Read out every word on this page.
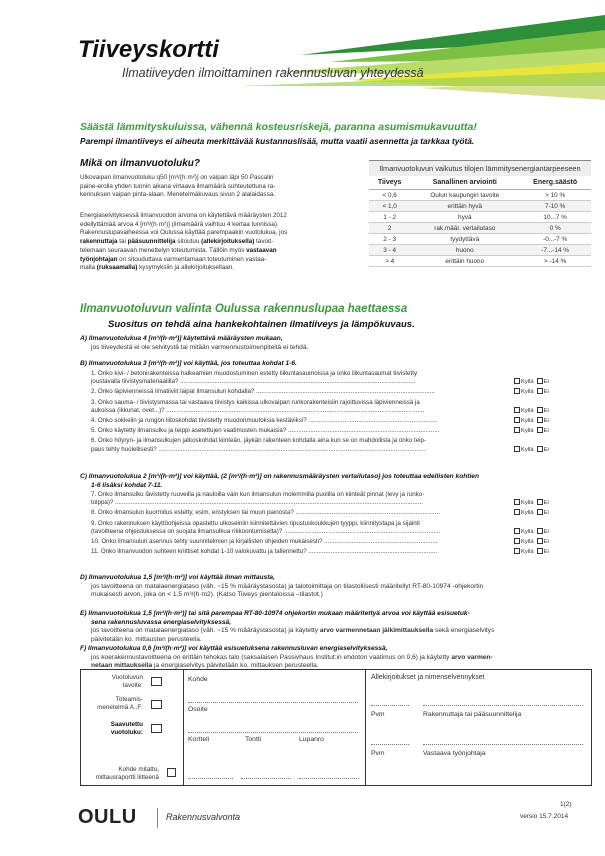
Tiiveyskortti
Ilmatiiveyden ilmoittaminen rakennusluvan yhteydessä
Säästä lämmityskuluissa, vähennä kosteusriskejä, paranna asumismukavuutta!
Parempi ilmantiiveys ei aiheuta merkittävää kustannuslisää, mutta vaatii asennetta ja tarkkaa työtä.
Mikä on ilmanvuotoluku?
Ulkovaipan ilmanvuotoluku q50 [m³/(h·m²)] on vaipan läpi 50 Pascalin
paine-erolla yhden tunnin aikana virtaava ilmamäärä suhteutettuna ra-
kennuksen vaipan pinta-alaan. Menetelmäkuvaus sivun 2 alalaidassa.
Energiaselvityksessä ilmanvuodon arvona on käytettävä määräysten 2012
edellyttämää arvoa 4 [m³/(h·m²)] (ilmamäärä vaihtuu 4 kertaa tunnissa).
Rakennuslupavaiheessa voi Oulussa käyttää parempaakin vuotolukua, jos
rakennuttaja tai pääsuunnittelija sitoutuu (allekirjoituksella) tavoit-
telemaan seuraavan menettelyn toteutumista. Tällöin myös vastaavan
työnjohtajan on sitouduttava varmentamaan toteutuminen vastaa-
malla (ruksaamalla) kysymyksiin ja allekirjoituksellaan.
Ilmanvuotoluvun vaikutus tilojen lämmitysenergiantarpeeseen
Tiiveys	Sanallinen arviointi	Energ.säästö
< 0,6	Oulun kaupungin tavoite	> 10 %
< 1,0	erittäin hyvä	7-10 %
1 - 2	hyvä	10...7 %
2	rak.määr. vertailutaso	0 %
2 - 3	tyydyttävä	-0...-7 %
3 - 4	huono	-7...-14 %
> 4	erittäin huono	> -14 %
Ilmanvuotoluvun valinta Oulussa rakennuslupaa haettaessa
Suositus on tehdä aina hankekohtainen ilmatiiveys ja lämpökuvaus.
A) Ilmanvuotolukua 4 [m³/(h·m²)] käytettävä määräysten mukaan,
jos tiiveydestä ei ole selvitystä tai mitään varmennustoimenpiteitä ei tehdä.
B) Ilmanvuotolukua 3 [m³/(h·m²)] voi käyttää, jos toteuttaa kohdat 1-6.
1. Onko kivi- / betonirakenteissa halkeamien muodostuminen estetty liikuntasaumoissa ja onko liikuntasaumat tiivistetty
joustavalla tiivistysmateriaalilla? .........................................................................................................................................	Kyllä Ei
2. Onko läpivienneissä ilmatiiviit laipat ilmansulun kohdalla? ........................................................................................................	Kyllä Ei
3. Onko sauma- / tiivistysmassa tai vastaava tiivistys kaikissa ulkovaipan runkorakenteisiin rajoittuvissa läpivienneissä ja
aukoissa (ikkunat, ovet...)? ......................................................................................................................................................	Kyllä Ei
4. Onko sokkelin ja rungon liitoskohdat tiivistetty muodonmuutoksia kestäviksi? ...........................................................................	Kyllä Ei
5. Onko käytetty ilmansulku ja teippi asetettujen vaatimusten mukaisia? ........................................................................................	Kyllä Ei
6. Onko höyryn- ja ilmansulkujen jatkoskohdat kiinteän, jäykän rakenteen kohdalla aina kun se on mahdollista ja onko teip-
paus tehty huolellisesti? ............................................................................................................................................................	Kyllä Ei
C) Ilmanvuotolukua 2 [m³/(h·m²)] voi käyttää, (2 [m³/(h·m²)] on rakennusmääräysten vertailutaso) jos toteuttaa edellisten kohtien
1-6 lisäksi kohdat 7-11.
7. Onko ilmansulku lävistetty ruuveilla ja nauloilla vain kun ilmansulun molemmilla puolilla on kiinteät pinnat (levy ja runko-
tolppa)? ...................................................................................................................................................................................	Kyllä Ei
8. Onko ilmansulun kuormitus estetty, esim. eristyksen tai muun painosta? ....................................................................................	Kyllä Ei
9. Onko rakennuksen käyttöohjeissa opastettu ulkoseiniin kiinnitettävien ripustuskoukkujen tyyppi, kiinnitystapa ja sijainti
(tavoitteena ohjeistuksessa on suojata ilmansulkua rikkoontumiselta)? ...........................................................................................	Kyllä Ei
10. Onko ilmansulun asennus tehty suunnitelmien ja kirjallisten ohjeiden mukaisesti? ..................................................................	Kyllä Ei
11. Onko ilmanvuodon suhteen kriittiset kohdat 1-10 valokuvattu ja tallennettu? ...........................................................................	Kyllä Ei
D) Ilmanvuotolukua 1,5 [m³/(h·m²)] voi käyttää ilman mittausta,
jos tavoitteena on matalaenergiataso (väh. ~15 % määräystasosta) ja talotoimittaja on tilastollisesti määritellyt RT-80-10974 -ohjekortin
mukaisesti arvon, joka on < 1,5 m³/(h·m2). (Katso Tiiveys pientaloissa –tilastot.)
E) Ilmanvuotolukua 1,5 [m³/(h·m²)] tai sitä parempaa RT-80-10974 ohjekortin mukaan määritettyä arvoa voi käyttää esisuetuk-
sena rakennusluvassa energiaselvityksessä,
jos tavoitteena on matalaenergiataso (väh. ~15 % määräystasosta) ja käytetty arvo varmennetaan jälkimittauksella sekä energiaselvitys
päivitetään ko. mittausten perusteella.
F) Ilmanvuotolukua 0,6 [m³/(h·m²)] voi käyttää esisuetuksena rakennusluvan energiaselvityksessä,
jos koerakennustavoitteena on erittäin tehokas talo (saksalaisen Passivhaus Institut:in ehdoton vaatimus on 0,6) ja käytetty arvo varmen-
netaan mittauksella ja energiaselvitys päivitetään ko. mittauksen perusteella.
Vuotoluvun
tavoite:
Toteamis-
menetelmä A..F:
Saavutettu
vuotoluku:
Kohde mitattu,
mittausraportti liitteenä
Kohde
Osoite
Kortteli	Tontti	Lupanro
Allekirjoitukset ja nimenselvennykset
Pvm	Rakennuttaja tai pääsuunnittelija
Pvm	Vastaava työnjohtaja
OULU	Rakennusvalvonta
1(2)
versio 15.7.2014
